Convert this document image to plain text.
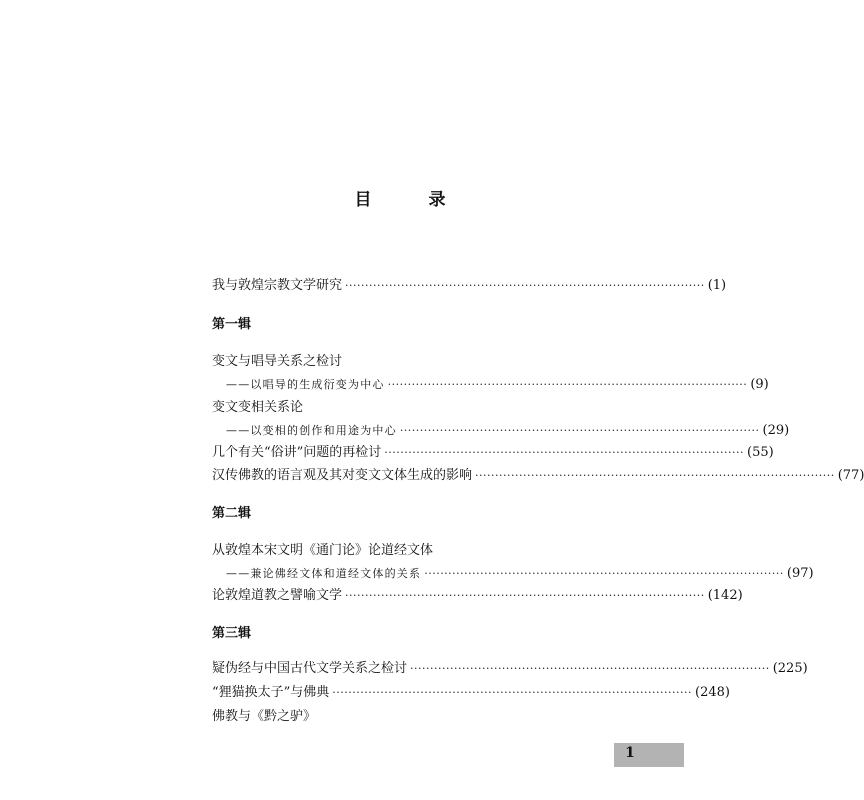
目　录
我与敦煌宗教文学研究 ·························································································· (1)
第一辑
变文与唱导关系之检讨
——以唱导的生成衍变为中心 ·························································································· (9)
变文变相关系论
——以变相的创作和用途为中心 ·························································································· (29)
几个有关“俗讲”问题的再检讨 ·························································································· (55)
汉传佛教的语言观及其对变文文体生成的影响 ·························································································· (77)
第二辑
从敦煌本宋文明《通门论》论道经文体
——兼论佛经文体和道经文体的关系 ·························································································· (97)
论敦煌道教之譬喻文学 ·························································································· (142)
第三辑
疑伪经与中国古代文学关系之检讨 ·························································································· (225)
“狸猫换太子”与佛典 ·························································································· (248)
佛教与《黔之驴》
1
